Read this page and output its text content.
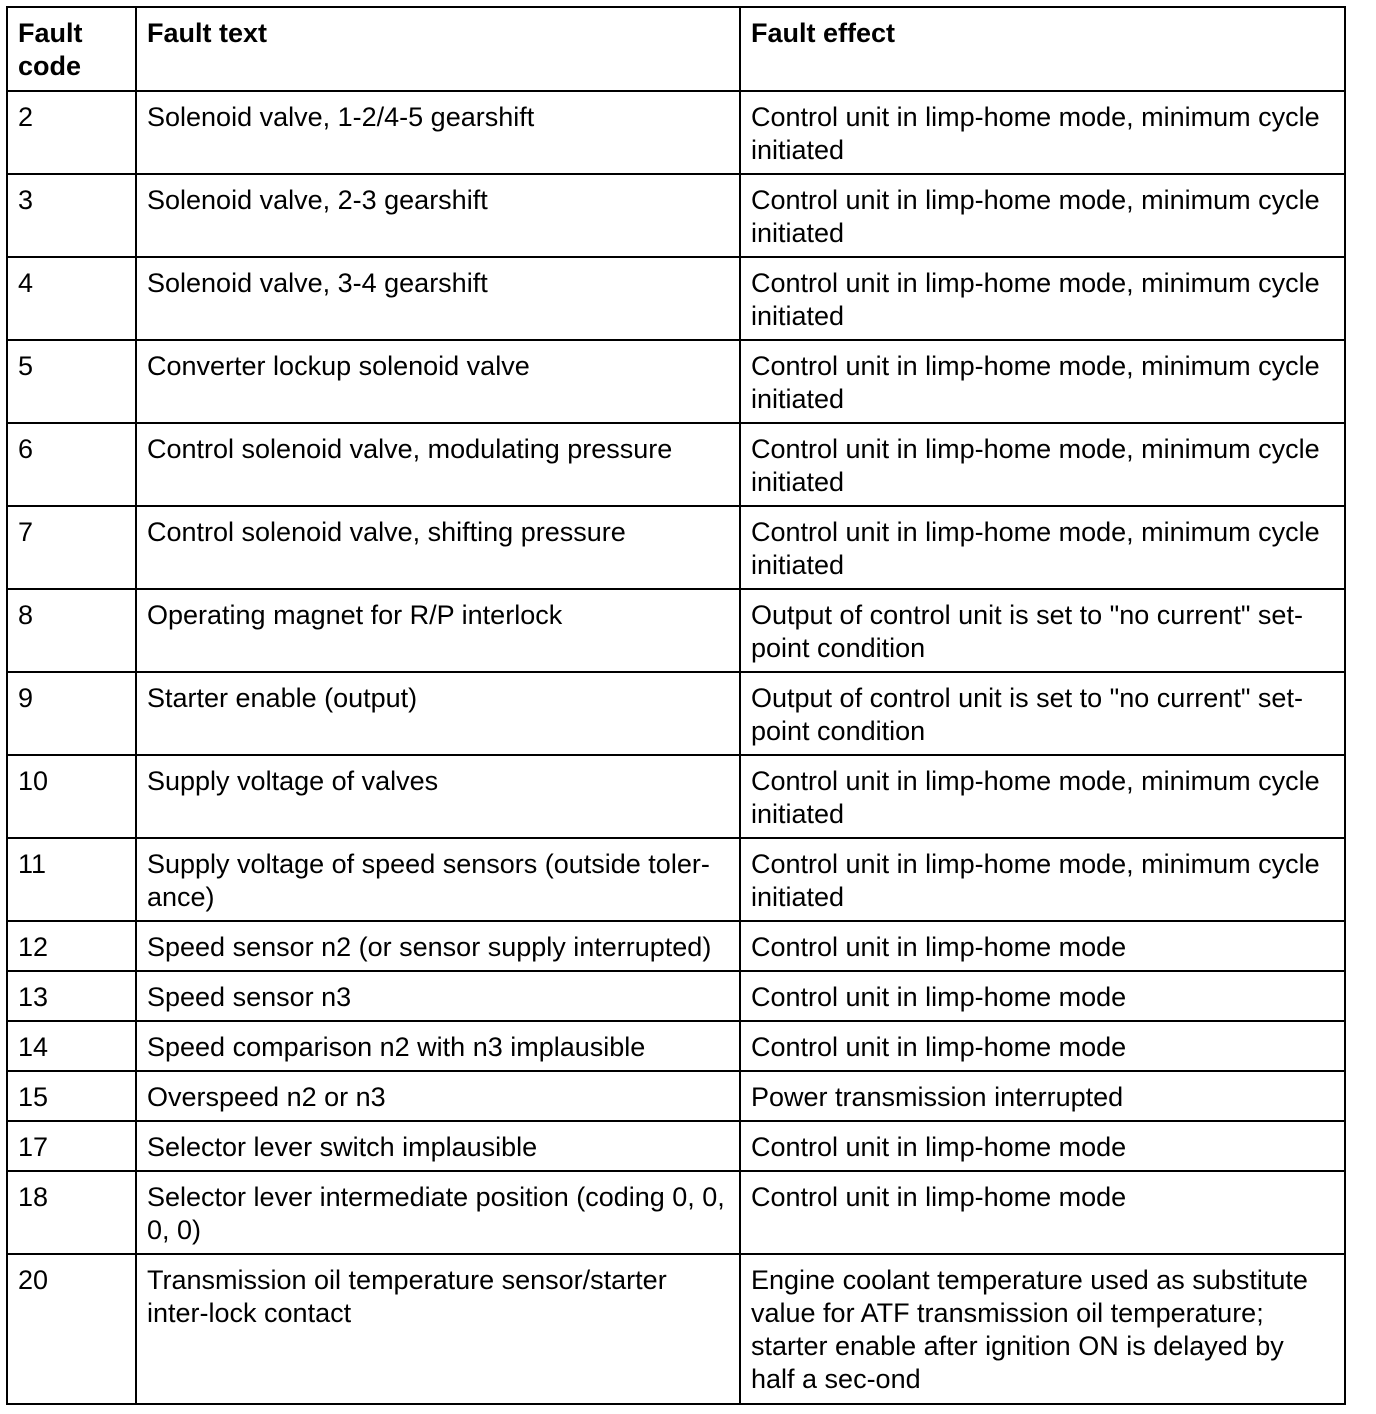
Fault code	Fault text	Fault effect
2	Solenoid valve, 1-2/4-5 gearshift	Control unit in limp-home mode, minimum cycle initiated
3	Solenoid valve, 2-3 gearshift	Control unit in limp-home mode, minimum cycle initiated
4	Solenoid valve, 3-4 gearshift	Control unit in limp-home mode, minimum cycle initiated
5	Converter lockup solenoid valve	Control unit in limp-home mode, minimum cycle initiated
6	Control solenoid valve, modulating pressure	Control unit in limp-home mode, minimum cycle initiated
7	Control solenoid valve, shifting pressure	Control unit in limp-home mode, minimum cycle initiated
8	Operating magnet for R/P interlock	Output of control unit is set to "no current" set-point condition
9	Starter enable (output)	Output of control unit is set to "no current" set-point condition
10	Supply voltage of valves	Control unit in limp-home mode, minimum cycle initiated
11	Supply voltage of speed sensors (outside toler-ance)	Control unit in limp-home mode, minimum cycle initiated
12	Speed sensor n2 (or sensor supply interrupted)	Control unit in limp-home mode
13	Speed sensor n3	Control unit in limp-home mode
14	Speed comparison n2 with n3 implausible	Control unit in limp-home mode
15	Overspeed n2 or n3	Power transmission interrupted
17	Selector lever switch implausible	Control unit in limp-home mode
18	Selector lever intermediate position (coding 0, 0, 0, 0)	Control unit in limp-home mode
20	Transmission oil temperature sensor/starter inter-lock contact	Engine coolant temperature used as substitute value for ATF transmission oil temperature; starter enable after ignition ON is delayed by half a sec-ond
